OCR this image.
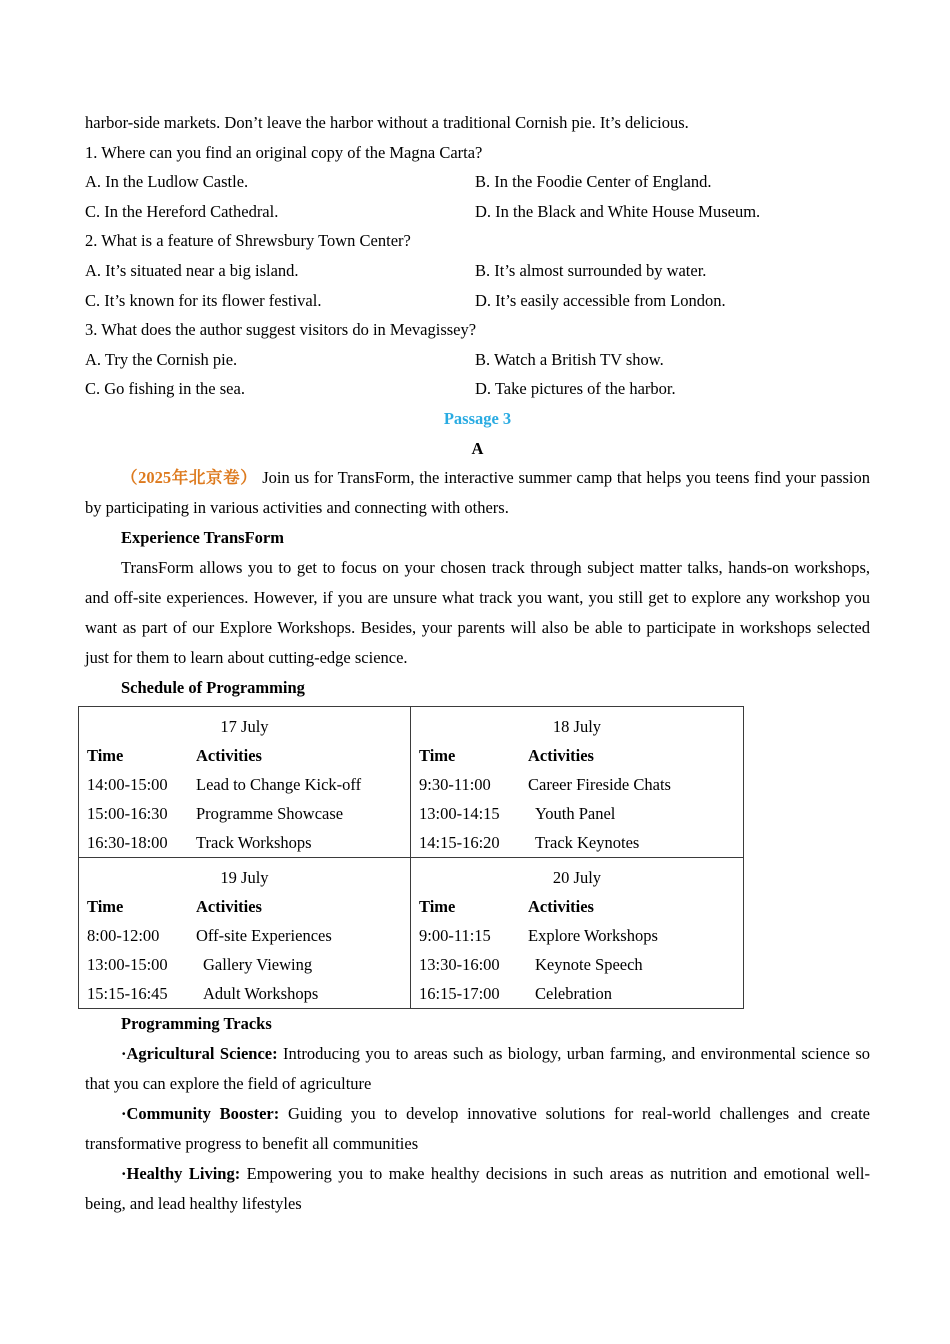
harbor-side markets. Don’t leave the harbor without a traditional Cornish pie. It’s delicious.
1. Where can you find an original copy of the Magna Carta?
A. In the Ludlow Castle.	B. In the Foodie Center of England.
C. In the Hereford Cathedral.	D. In the Black and White House Museum.
2. What is a feature of Shrewsbury Town Center?
A. It’s situated near a big island.	B. It’s almost surrounded by water.
C. It’s known for its flower festival.	D. It’s easily accessible from London.
3. What does the author suggest visitors do in Mevagissey?
A. Try the Cornish pie.	B. Watch a British TV show.
C. Go fishing in the sea.	D. Take pictures of the harbor.
Passage 3
A

（2025年北京卷） Join us for TransForm, the interactive summer camp that helps you teens find your passion by participating in various activities and connecting with others.

Experience TransForm

TransForm allows you to get to focus on your chosen track through subject matter talks, hands-on workshops, and off-site experiences. However, if you are unsure what track you want, you still get to explore any workshop you want as part of our Explore Workshops. Besides, your parents will also be able to participate in workshops selected just for them to learn about cutting-edge science.

Schedule of Programming
17 July
Time	Activities
14:00-15:00 Lead to Change Kick-off
15:00-16:30 Programme Showcase
16:30-18:00 Track Workshops

18 July
Time	Activities
9:30-11:00 Career Fireside Chats
13:00-14:15 Youth Panel
14:15-16:20 Track Keynotes

19 July
Time	Activities
8:00-12:00 Off-site Experiences
13:00-15:00 Gallery Viewing
15:15-16:45 Adult Workshops

20 July
Time	Activities
9:00-11:15 Explore Workshops
13:30-16:00 Keynote Speech
16:15-17:00 Celebration
Programming Tracks

·Agricultural Science: Introducing you to areas such as biology, urban farming, and environmental science so that you can explore the field of agriculture

·Community Booster: Guiding you to develop innovative solutions for real-world challenges and create transformative progress to benefit all communities

·Healthy Living: Empowering you to make healthy decisions in such areas as nutrition and emotional well-being, and lead healthy lifestyles
